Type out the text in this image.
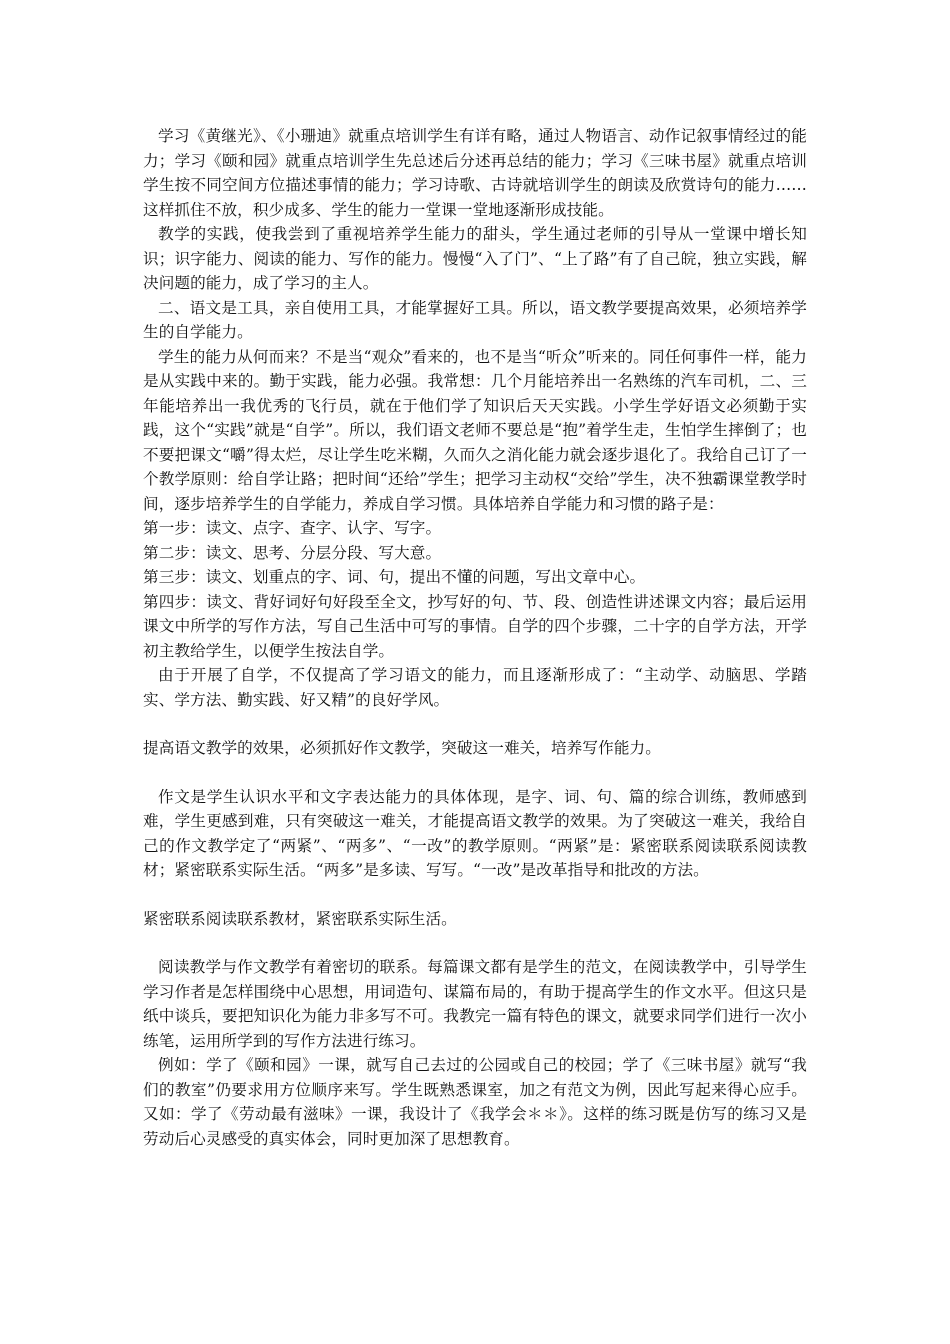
学习《黄继光》、《小珊迪》就重点培训学生有详有略，通过人物语言、动作记叙事情经过的能力；学习《颐和园》就重点培训学生先总述后分述再总结的能力；学习《三味书屋》就重点培训学生按不同空间方位描述事情的能力；学习诗歌、古诗就培训学生的朗读及欣赏诗句的能力……这样抓住不放，积少成多、学生的能力一堂课一堂地逐渐形成技能。

教学的实践，使我尝到了重视培养学生能力的甜头，学生通过老师的引导从一堂课中增长知识；识字能力、阅读的能力、写作的能力。慢慢“入了门”、“上了路”有了自己皖，独立实践，解决问题的能力，成了学习的主人。

二、语文是工具，亲自使用工具，才能掌握好工具。所以，语文教学要提高效果，必须培养学生的自学能力。

学生的能力从何而来？不是当“观众”看来的，也不是当“听众”听来的。同任何事件一样，能力是从实践中来的。勤于实践，能力必强。我常想：几个月能培养出一名熟练的汽车司机，二、三年能培养出一我优秀的飞行员，就在于他们学了知识后天天实践。小学生学好语文必须勤于实践，这个“实践”就是“自学”。所以，我们语文老师不要总是“抱”着学生走，生怕学生摔倒了；也不要把课文“嚼”得太烂，尽让学生吃米糊，久而久之消化能力就会逐步退化了。我给自己订了一个教学原则：给自学让路；把时间“还给”学生；把学习主动权“交给”学生，决不独霸课堂教学时间，逐步培养学生的自学能力，养成自学习惯。具体培养自学能力和习惯的路子是：

第一步：读文、点字、查字、认字、写字。

第二步：读文、思考、分层分段、写大意。

第三步：读文、划重点的字、词、句，提出不懂的问题，写出文章中心。

第四步：读文、背好词好句好段至全文，抄写好的句、节、段、创造性讲述课文内容；最后运用课文中所学的写作方法，写自己生活中可写的事情。自学的四个步骤，二十字的自学方法，开学初主教给学生，以便学生按法自学。

由于开展了自学，不仅提高了学习语文的能力，而且逐渐形成了：“主动学、动脑思、学踏实、学方法、勤实践、好又精”的良好学风。

提高语文教学的效果，必须抓好作文教学，突破这一难关，培养写作能力。

作文是学生认识水平和文字表达能力的具体体现，是字、词、句、篇的综合训练，教师感到难，学生更感到难，只有突破这一难关，才能提高语文教学的效果。为了突破这一难关，我给自己的作文教学定了“两紧”、“两多”、“一改”的教学原则。“两紧”是：紧密联系阅读联系阅读教材；紧密联系实际生活。“两多”是多读、写写。“一改”是改革指导和批改的方法。

紧密联系阅读联系教材，紧密联系实际生活。

阅读教学与作文教学有着密切的联系。每篇课文都有是学生的范文，在阅读教学中，引导学生学习作者是怎样围绕中心思想，用词造句、谋篇布局的，有助于提高学生的作文水平。但这只是纸中谈兵，要把知识化为能力非多写不可。我教完一篇有特色的课文，就要求同学们进行一次小练笔，运用所学到的写作方法进行练习。

例如：学了《颐和园》一课，就写自己去过的公园或自己的校园；学了《三味书屋》就写“我们的教室”仍要求用方位顺序来写。学生既熟悉课室，加之有范文为例，因此写起来得心应手。又如：学了《劳动最有滋味》一课，我设计了《我学会＊＊》。这样的练习既是仿写的练习又是劳动后心灵感受的真实体会，同时更加深了思想教育。
